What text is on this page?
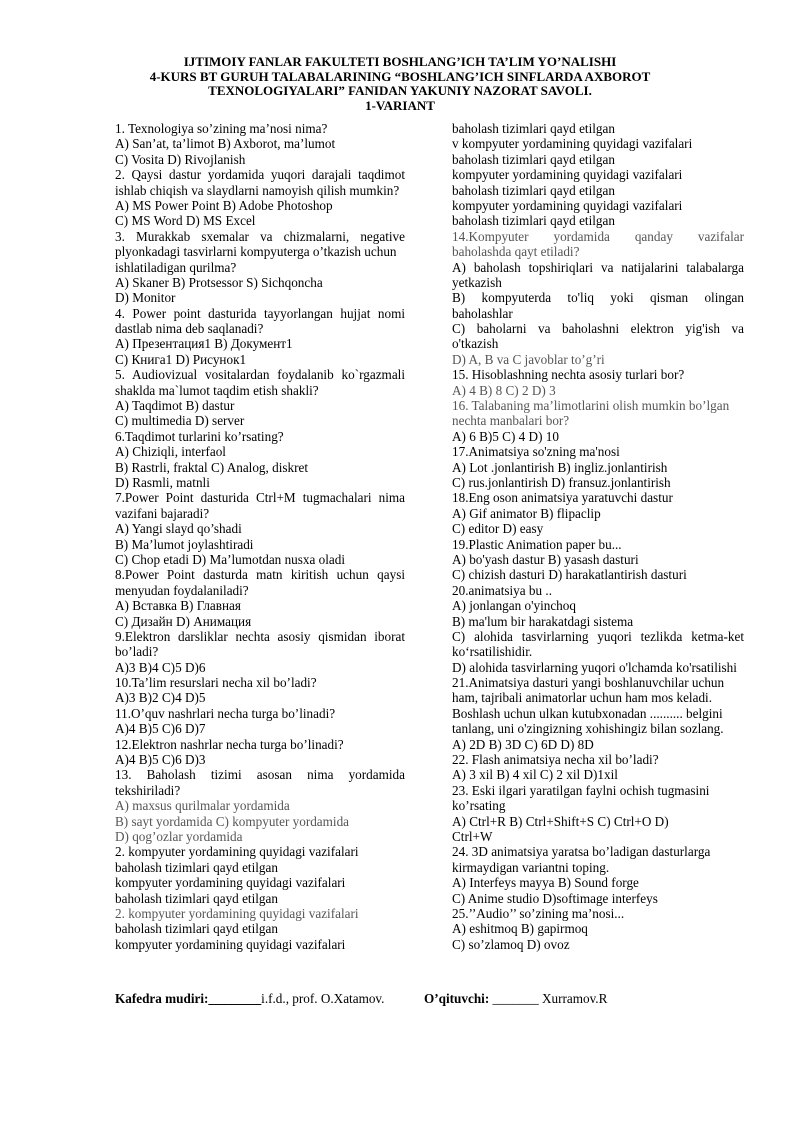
IJTIMOIY FANLAR FAKULTETI BOSHLANG’ICH TA’LIM YO’NALISHI
4-KURS BT GURUH TALABALARINING “BOSHLANG’ICH SINFLARDA AXBOROT
TEXNOLOGIYALARI” FANIDAN YAKUNIY NAZORAT SAVOLI.
1-VARIANT
1. Texnologiya so’zining ma’nosi nima?
A) San’at, ta’limot B) Axborot, ma’lumot
C) Vosita D) Rivojlanish
2. Qaysi dastur yordamida yuqori darajali taqdimot
ishlab chiqish va slaydlarni namoyish qilish mumkin?
A) MS Power Point B) Adobe Photoshop
C) MS Word D) MS Excel
3. Murakkab sxemalar va chizmalarni, negative
plyonkadagi tasvirlarni kompyuterga o’tkazish uchun
ishlatiladigan qurilma?
A) Skaner B) Protsessor S) Sichqoncha
D) Monitor
4. Power point dasturida tayyorlangan hujjat nomi
dastlab nima deb saqlanadi?
A) Презентация1 B) Документ1
C) Книга1 D) Рисунок1
5. Audiovizual vositalardan foydalanib ko`rgazmali
shaklda ma`lumot taqdim etish shakli?
A) Taqdimot B) dastur
C) multimedia D) server
6.Taqdimot turlarini ko’rsating?
A) Chiziqli, interfaol
B) Rastrli, fraktal C) Analog, diskret
D) Rasmli, matnli
7.Power Point dasturida Ctrl+M tugmachalari nima
vazifani bajaradi?
A) Yangi slayd qo’shadi
B) Ma’lumot joylashtiradi
C) Chop etadi D) Ma’lumotdan nusxa oladi
8.Power Point dasturda matn kiritish uchun qaysi
menyudan foydalaniladi?
A) Вставка B) Главная
C) Дизайн D) Анимация
9.Elektron darsliklar nechta asosiy qismidan iborat
bo’ladi?
A)3 B)4 C)5 D)6
10.Ta’lim resurslari necha xil bo’ladi?
A)3 B)2 C)4 D)5
11.O’quv nashrlari necha turga bo’linadi?
A)4 B)5 C)6 D)7
12.Elektron nashrlar necha turga bo’linadi?
A)4 B)5 C)6 D)3
13. Baholash tizimi asosan nima yordamida
tekshiriladi?
A) maxsus qurilmalar yordamida
B) sayt yordamida C) kompyuter yordamida
D) qog’ozlar yordamida
2. kompyuter yordamining quyidagi vazifalari
baholash tizimlari qayd etilgan
kompyuter yordamining quyidagi vazifalari
baholash tizimlari qayd etilgan
2. kompyuter yordamining quyidagi vazifalari
baholash tizimlari qayd etilgan
kompyuter yordamining quyidagi vazifalari
baholash tizimlari qayd etilgan
v kompyuter yordamining quyidagi vazifalari
baholash tizimlari qayd etilgan
kompyuter yordamining quyidagi vazifalari
baholash tizimlari qayd etilgan
kompyuter yordamining quyidagi vazifalari
baholash tizimlari qayd etilgan
14.Kompyuter yordamida qanday vazifalar
baholashda qayt etiladi?
A) baholash topshiriqlari va natijalarini talabalarga
yetkazish
B) kompyuterda to'liq yoki qisman olingan
baholashlar
C) baholarni va baholashni elektron yig'ish va
o'tkazish
D) A, B va C javoblar to’g’ri
15. Hisoblashning nechta asosiy turlari bor?
A) 4 B) 8 C) 2 D) 3
16. Talabaning ma’limotlarini olish mumkin bo’lgan
nechta manbalari bor?
A) 6 B)5 C) 4 D) 10
17.Animatsiya so'zning ma'nosi
A) Lot .jonlantirish B) ingliz.jonlantirish
C) rus.jonlantirish D) fransuz.jonlantirish
18.Eng oson animatsiya yaratuvchi dastur
A) Gif animator B) flipaclip
C) editor D) easy
19.Plastic Animation paper bu...
A) bo'yash dastur B) yasash dasturi
C) chizish dasturi D) harakatlantirish dasturi
20.animatsiya bu ..
A) jonlangan o'yinchoq
B) ma'lum bir harakatdagi sistema
C) alohida tasvirlarning yuqori tezlikda ketma-ket
ko‘rsatilishidir.
D) alohida tasvirlarning yuqori o'lchamda ko'rsatilishi
21.Animatsiya dasturi yangi boshlanuvchilar uchun
ham, tajribali animatorlar uchun ham mos keladi.
Boshlash uchun ulkan kutubxonadan .......... belgini
tanlang, uni o'zingizning xohishingiz bilan sozlang.
A) 2D B) 3D C) 6D D) 8D
22. Flash animatsiya necha xil bo’ladi?
A) 3 xil B) 4 xil C) 2 xil D)1xil
23. Eski ilgari yaratilgan faylni ochish tugmasini
ko’rsating
A) Ctrl+R B) Ctrl+Shift+S C) Ctrl+O D)
Ctrl+W
24. 3D animatsiya yaratsa bo’ladigan dasturlarga
kirmaydigan variantni toping.
A) Interfeys mayya B) Sound forge
C) Anime studio D)softimage interfeys
25.’’Audio’’ so’zining ma’nosi...
A) eshitmoq B) gapirmoq
C) so’zlamoq D) ovoz
Kafedra mudiri:________i.f.d., prof. O.Xatamov.	O’qituvchi: _______ Xurramov.R
